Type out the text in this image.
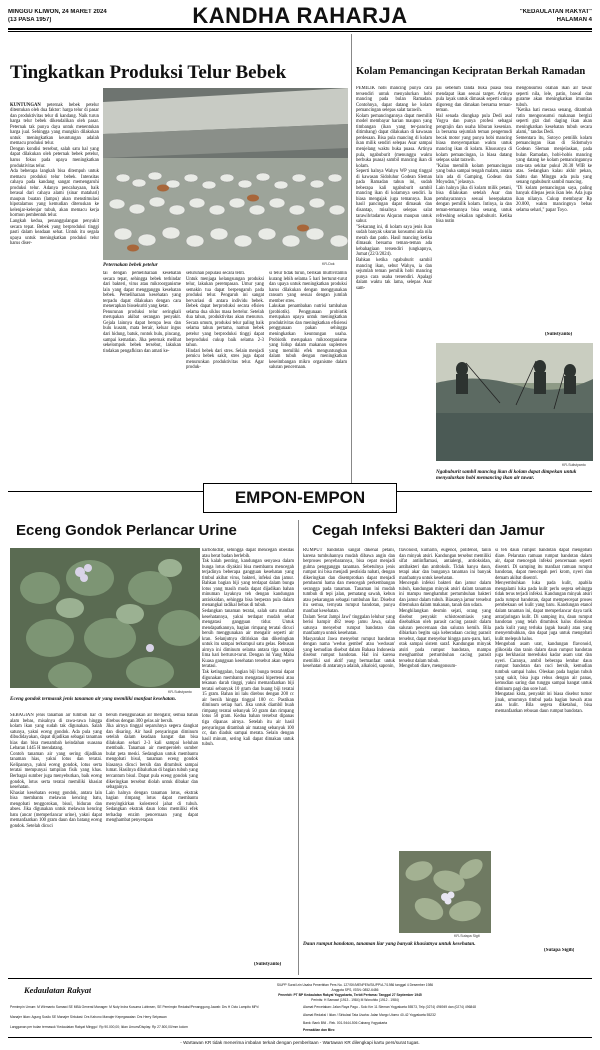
MINGGU KLIWON, 24 MARET 2024
(13 PASA 1957)	KANDHA RAHARJA	"KEDAULATAN RAKYAT"
HALAMAN 4
Tingkatkan Produksi Telur Bebek

KUNTUNGAN peternak bebek petelur ditentukan oleh dua faktor: harga telur di pasar dan produktivitas telur di kandang. Naik turun harga telur bebek dikendalikan oleh pasar. Peternak tak punya daya untuk menentukan harga jual. Sehingga yang mungkin dilakukan untuk meningkatkan keuntungan adalah memacu produksi telur.
Dengan kondisi tersebut, salah satu hal yang dapat dilakukan oleh peternak bebek petelur, harus fokus pada upaya meningkatkan produktivitas telur.
Ada beberapa langkah bisa ditempuh untuk memacu produksi telur bebek. Intensitas cahaya pada kandang sangat memengaruhi produksi telur. Adanya pencahayaan, baik berasal dari cahaya alami (sinar matahari) maupun buatan (lampu) akan menstimulasi hipotalamus yang kemudian diteruskan ke kelenjar-kelenjar tubuh, akan memacu kerja hormon pembentuk telur.
Langkah kedua, penanggulangan penyakit secara tepat. Bebek yang berproduksi tinggi pasti dalam keadaan sehat. Untuk itu segala upaya untuk meningkatkan produksi telur harus diser-

KR-Dok
Peternakan bebek petelur
tai dengan pemeliharaan kesehatan secara tepat, sehingga bebek terhindar dari bakteri, virus atau mikroorganisme lain yang dapat mengganggu kesehatan bebek. Pemeliharaan kesehatan yang terpadu dapat dilakukan dengan cara menerapkan biosekuriti yang ketat.
Penurunan produksi telur seringkali merupakan akibat serangan penyakit. Gejala lainnya dapat berupa lesu dan bulu kusam, mata berair, keluar ingus dari hidung, batuk, rontok bulu, pincang, sampai kematian. Jika peternak melihat sekelompok bebek tersebut, lakukan tindakan pengafkiran dan amati ke-
seluruhan populasi secara teliti.
Untuk menjaga kelangsungan produksi telur, lakukan perempasan. Umur yang semakin tua dapat berpengaruh pada produksi telur. Pengaruh ini sangat bervariasi di antara individu bebek. Bebek dapat berproduksi secara efisien selama dua siklus masa bertelur. Setelah dua tahun, produktivitas akan menurun. Secara umum, produksi telur paling baik selama tahun pertama, namun bebek petelur yang berproduksi tinggi dapat berproduksi cukup baik selama 2-3 tahun.
Hindari bebek dari stres. Selain menjadi pemicu bebek sakit, stres juga dapat menurunkan produktivitas telur. Agar produk-
si telur tidak turun, berikan multivitamin kurang lebih selama 5 hari berturut-turut dan upaya untuk meningkatkan produksi harus dilakukan dengan menggunakan ransum yang sesuai dengan jumlah member stres.
Lakukan penambahan nutrisi tambahan (probiotik). Penggunaan probiotik merupakan upaya untuk meningkatkan produktivitas dan meningkatkan efisiensi penggunaan pakan sehingga meningkatkan keuntungan usaha. Probiotik merupakan mikroorganisme yang hidup dalam makanan suplemen yang memiliki efek menguntungkan dalam tubuh dengan meningkatkan keseimbangan mikro organisme dalam saluran pencernaan.
Kolam Pemancingan Kecipratan Berkah Ramadan
PEMILIK hobi mancing punya cara tersendiri untuk menyalurkan hobi mancing pada bulan Ramadan. Contohnya, dapat datang ke kolam pemancingan selepas salat tarawih.
Kolam pemancingannya dapat memilih model membayar harian maupun yang timbangan (ikan yang ter-pancing ditimbang) dapat dilakukan di kawasan perdesaan. Bisa pula mancing di kolam ikan milik sendiri selepas Asar sampai menjelang waktu buka puasa. Artinya pula, ngabuburit (menunggu waktu berbuka puasa) sambil mancing ikan di kolam.
Seperti halnya Wahyu WP yang tinggal di kawasan Sidoluhur Godean Sleman pada Ramadan tahun ini, sudah beberapa kali ngabuburit sambil mancing ikan di kolamnya sendiri. Ia biasa mengajak juga temannya. Ikan hasil pancingan dapat dimasak dan disantap, misalnya selepas salat tarawih/tadarus Alquran maupun untuk sahur.
"Sekarang ini, di kolam saya jenis ikan sudah banyak ukuran konsumsi ada nila merah dan patin. Hasil mancing ketika dimasak bersama teman-teman ada kebahagiaan tersendiri (ungkapnya, Jumat (22/3/2024).
Bahkan ketika ngabuburit sambil mancing ikan, sebut Wahyu, ia dan sejumlah teman pemilik hobi mancing punya cara usaha tersendiri. Apalagi dalam waktu tak lama, selepas Asar sam-
pai sebelum tanda buka puasa bisa mendapat ikan sesuai target. Artinya pula layak untuk dimasak seperti cukup digoreng dan dimakan bersama teman-teman.
Hal senada diungkap pula Dedi asal Yogya dan punya profesi sebagai pengrajin dan usaha hiburan kesenian. Ia bersama sejumlah teman pengemudi becak motor yang punya hobi mancing biasa menyempatkan waktu untuk mancing ikan di kolam. Khususnya di kolam pemancingan, ia biasa datang selepas salat tarawih.
"Kalau memilih kolam pemancingan yang buka sampai tengah malam, antara lain ada di Gamping, Godean dan Moyudan," jelasnya.
Lain halnya jika di kolam milik petani, bisa dilakukan setelah Asar dan pembayarannya sesuai kesepakatan dengan pemilik kolam. Intinya, ia dan teman-temannya bisa senang, untuk refreshing sekalian ngabuburit. Ketika bisa nutin
mengonsumsi olahan ikan air tawar seperti nila, lele, patin, bawal dan gurame akan meningkatkan imunitas tubuh.
"Ketika hati merasa senang, ditambah rutin mengonsumsi makanan bergizi seperti gizi dari daging ikan akan meningkatkan kesehatan tubuh secara alami," tandas Dedi.
Sementara itu, Sutoyo pemilik kolam pemancingan ikan di Sidomulyo Godean Sleman menjelaskan, pada bulan Ramadan, hobi-hobis mancing yang datang ke kolam pemancingannya rata-rata sekitar pukul 20.30 WIB ke atas. Sedangkan kalau akhir pekan, Sabtu dan Minggu ada pula yang senang ngabuburit sambil mancing.
"Di kolam pemancingan saya, paling banyak dilepas jenis ikan lele. Ada juga ikan nilanya. Cukup membayar Rp 20.000, waktu mancingnya bebas selama sehari," papar Toyo.
(Sulistyanto)
KR-Sulistyanto
Ngabuburit sambil mancing ikan di kolam dapat dimpekan untuk menyalurkan hobi memancing ikan air tawar.
EMPON-EMPON
Eceng Gondok Perlancar Urine
KR-Sulistyanto
Eceng gondok termasuk jenis tanaman air yang memiliki manfaat kesehatan.
SEBAGIAN jenis tanaman air tumbuh liar di alam bebas, misalnya di rawa-rawa hingga kolam ikan yang sudah tak digunakan. Salah satunya, yakni eceng gondok. Ada pula yang dibudidayakan, dapat dijadikan sebagai tanaman hias dan bisa menambah keindahan suasana Lebaran 1445 H mendatang.
Contoh tanaman air yang sering dijadikan tanaman hias, yakni lotus dan teratai. Kelipannya, yakni eceng gondok, lotus serta teratai mempunyai tampilan fisik yang khas. Berbagai sumber juga menyebutkan, baik eceng gondok, lotus serta teratai memiliki khasiat kesehatan.
Khasiat kesehatan eceng gondok, antara lain bisa membantu melawan kencing batu, mengobati tenggorokan, bisul, biduran dan abses. Jika digunakan untuk melawan kencing batu (ancar (memperlancar urine), yakni dapat memanfaatkan 100 gram daun dan batang eceng gondok. Setelah dicuci
bersih menggunakan air mengalir, semua bahan direbus dengan 300 gelas air bersih.
Jika airnya tinggal separuhnya segera dangkat dan disaring. Air hasil penyaringan diminum setelah dalam keadaan hangat dan bisa dilakukan sehari 2-3 kali sampai keluhan membaik. Tanaman air memperoleh sumber bulat peta meski. Sedangkan untuk membantu mengobati bisul, tanaman eceng gondok biasanya dicuci bersih dan ditumbuk sampai lumat. Hasilnya dibalurkan di bagian tubuh yang tercantum bisul. Dapat pula eceng gondok yang dikeringkan tersebut diolah untuk dibakar dan sebagainya.
Lain halnya dengan tanaman lotus, ekstrak bagian rimpang lotus dapat membantu menyingkirkan kolesterol jahat di tubuh. Sedangkan ekstrak daun lotus memiliki efek terhadap enzim pencernaan yang dapat menghambat penyerapan
karbohidrat, sehingga dapat mencegah obesitas atau berat badan berlebih.
Tak kalah penting, kandungan senyawa dalam bunga lotus diyakini bisa membantu mencegah terjadinya beberapa gangguan kesehatan yang timbul akibat virus, bakteri, infeksi dan jamur. Bahkan bagian biji yang terdapat dalam bunga lotus yang masih muda dapat dijadikan bahan minuman layaknya teh dengan kandungan antioksidan, sehingga bisa berperan pula dalam menangkal radikal bebas di tubuh.
Sedangkan tanaman teratai, salah satu manfaat kesehatannya, yakni terdapat mudah sehat mengatasi gangguan tidur. Untuk mendapatkannya, bagian rimpang teratai dicuci bersih menggunakan air mengalir seperti air kran. Selanjutnya ditiriskan dan dikeringkan untuk itu sampai terkumpul satu gelas. Rebusan airnya ini diminum selama antara tiga sampai lima hari berturut-turut. Dengan ini Yang Maha Kuasa gangguan kesehatan tersebut akan segera teratasi.
Tak ketinggalan, bagian biji bunga teratai dapat digunakan membantu mengatasi hipertensi atau tekanan darah tinggi, yakni memanfaatkan biji teratai sebanyak 10 gram dan buang biji teratai 15 gram. Bahan ini lalu direbus dengan 200 cc air bersih hingga tinggal 100 cc. Pastikan diminum setiap hari. Jika untuk diambil buah rimpang teratai sebanyak 50 gram dan rimpang lotus 50 gram. Kedua bahan tersebut dipanas tiga dipanas airnya. Setelah itu air hasil penyaringan ditambah air matang sebanyak 100 cc, dan diaduk sampai merata. Selain dengan hasil minum, sering kali dapat dimakan untuk tubuh.
(Sulistyanto)
Cegah Infeksi Bakteri dan Jamur
RUMPUT bandotan sangat dikenal petani, karena tumbuhannya mudah dibawa angin dan berproses penyebarannya, bisa cepat menjadi gulma pengganggu tanaman. Sebetulnya jenis rumput ini bisa menjadi pestisida nabati, dengan dikeringkan dan disemprotkan dapat menjadi pembasmi hama dan mencegah perkembangan serangga pada tanaman. Tanaman ini mudah tumbuh di tepi jalan, pematang sawah, kebun atau pekarangan sebagai tumbuhan liar. Disebut itu semua, ternyata rumput bandotan, punya manfaat kesehatan.
Dalam 'Serat Jampi Jawi' tinggalan leluhur yang berisi hampir 482 resep jamu Jawa, salah satunya menyebut rumput bandotan dan manfaatnya untuk kesehatan.
Masyarakat Jawa menyebut rumput bandotan dengan nama 'wedus gembel' atau 'wedusan' yang kemudian disebut dalam Bahasa Indonesia disebut rumput bandotan. Hal ini karena memiliki sari aktif yang bermanfaat untuk kesehatan di antaranya adalah, alkaloid, saponin,
flavonoid, kumarin, eugenol, polifenol, tanin dan minyak atsiri. Kandungan tersebut memiliki sifat antiinflamasi, antialergi, antioksidan, antibakteri dan antitoksik. Tidak hanya daun, tetapi akar dan bunganya tanaman ini banyak manfaatnya untuk kesehatan.
Mencegah infeksi bakteri dan jamur dalam tubuh, kandungan minyak atsiri dalam tanaman ini mampu menghambat pertumbuhan bakteri dan jamur dalam tubuh. Biasanya jamur tersebut ditemukan dalam makanan, tanah dan udara.
Menghilangkan desmin sejati, orang yang disebut penyakit schistosomiasis yang disebabkan oleh parasit cacing parasit dalam saluran pencernaan dan saluran kemih. Bila dibiarkan begitu saja keberadaan cacing parasit tersebut, dapat menyebar hingga paru-paru, hati, otak sampai sistem saraf. Kandungan minyak atsiri pada rumput bandotan, mampu menghambat pertumbuhan cacing parasit tersebut dalam tubuh.
Mengobati diare, mengonsum-
si teh daun rumput bandotan dapat mengobati diare. Pelarutan ramuan rumput bandotan dalam air, dapat mencegah infeksi pencernaan seperti disentri. Di samping itu manfaat ramuan rumput bandotan, dapat mencegah peri krom, nyeri dan demam akibat disentri.
Menyembuhkan luka pada kulit, apabila mengalami luka pada kulit perlu segera sehingga tidak terus terjadi infeksi. Kandungan minyak atsiri pada rumput bandotan, dapat mempercepat proses pembekuan sel kulit yang baru. Kandungan etanol dalam tanaman ini, dapat memperlancar daya tarik antarjaringan kulit. Di samping itu, daun rumput bandotan yang telah ditumbuk halus dioleskan pada kulit yang terluka (agak basah) atau yang menyembuhkan, dan dapat juga untuk mengobati kulit melepuh halus.
Mengobati asam urat, kandungan flavonoid, glikosida dan tanin dalam daun rumput bandotan juga berkhasiat mereduksi kadar asam urat dan nyeri. Caranya, ambil beberapa lembar daun rumput bandotan dan cuci bersih, kemudian tumbuk sampai halus. Oleskan pada bagian tubuh yang sakit, bisa juga rebus dengan air panas, kemudian saring dan tunggu sampai hangat untuk diminum pagi dan sore hari.
Mengatasi kista, penyakit ini biasa disebut tumor jinak, umumnya timbul pada bagian bawah atau atas kulit. Bila segera diketahui, bisa memanfaatkan rebusan daun rumput bandotan.
(Sutapa Sigih)
KR-Sutapa Sigit
Daun rumput bandotan, tanaman liar yang banyak khasiatnya untuk kesehatan.
Kedaulatan Rakyat	SIUPP Surat Izin Usaha Penerbitan Pers No. 127/SK/MENPEN/SIUPP/A.7/1986 tanggal 4 Desember 1986
Anggota SPS, ISSN: 0852-6486
Penerbit: PT BP Kedaulatan Rakyat Yogyakarta, Terbit Pertama: Tanggal 27 September 1945
Perintis: H Samawi (1913 - 1984) M Wonohito (1912 - 1984)
Pemimpin Umum: M Wirmanto Samawi SE MBA General Manager: M Nuty Indra Kusuma Lubinsen, SE Pemimpin Redaksi/Penanggung Jawab: Drs H Octo Lampito MPd
Manajer Iklan: Agung Susilo SE Manajer Sirkulasi: Drs Kahono Manajer Kepegawaian: Drs Herry Setyawan
Langganan per bulan termasuk 'Kedaulatan Rakyat Minggu': Rp 90.000,00; Iklan Umum/Display: Rp 27.500,00/mm kolom
Alamat Percetakan: Jalan Raya Pagu - Solo Km 11 Sleman Yogyakarta 55573, Telp (0274) 496949 dan (0274) 496848
Alamat Redaksi / Iklan / Sirkulasi Tata Usaha: Jalan Margo Utomo 40-42 Yogyakarta 55232
Bank: Bank BNI - Rek. 001-9444-506 Cabang Yogyakarta
Perwakilan dan Biro
- Wartawan KR tidak menerima imbalan terkait dengan pemberitaan - Wartawan KR dilengkapi kartu pers/surat tugas.
